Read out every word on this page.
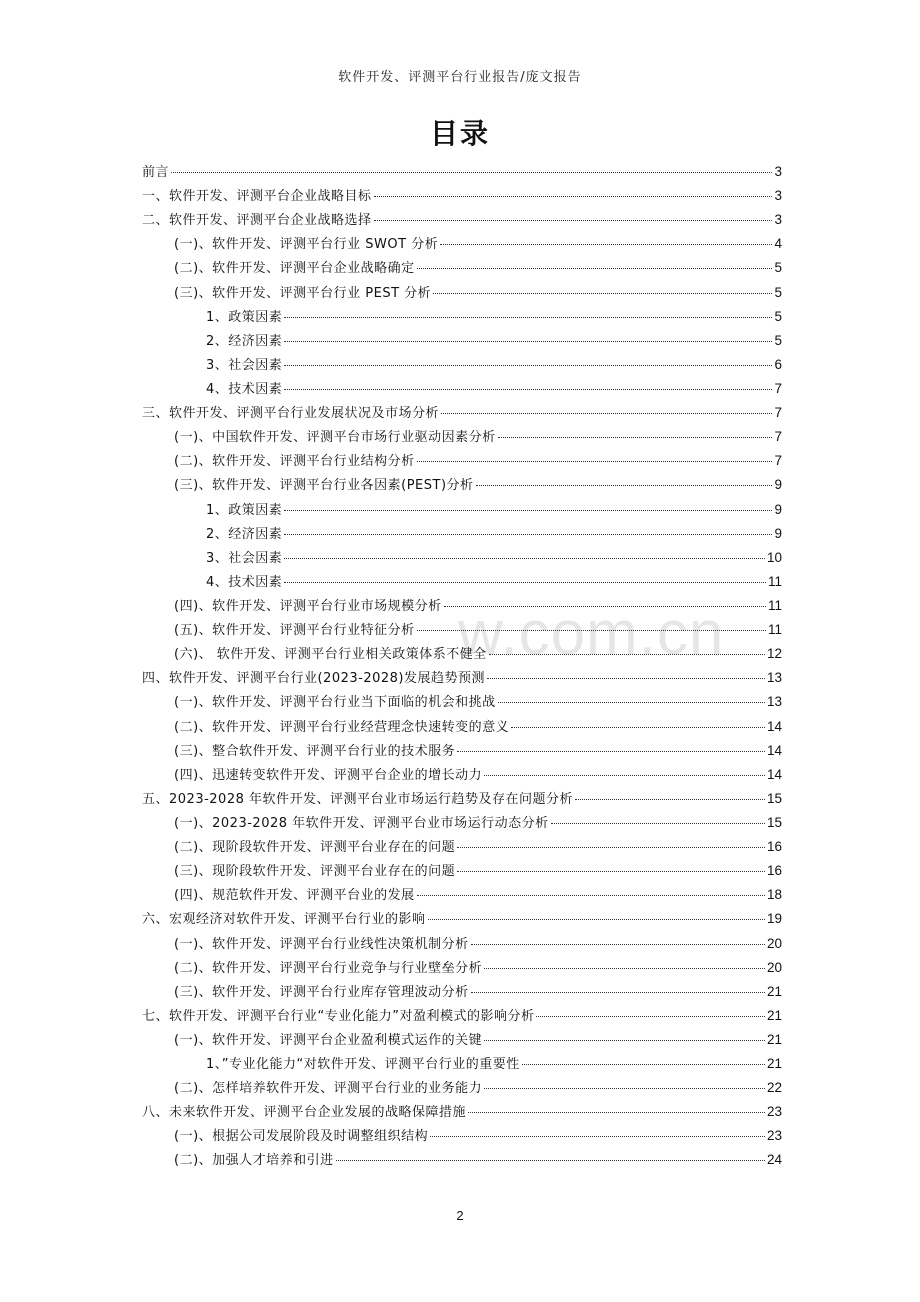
软件开发、评测平台行业报告/庞文报告
目录
w.com.cn
前言	3
一、软件开发、评测平台企业战略目标	3
二、软件开发、评测平台企业战略选择	3
(一)、软件开发、评测平台行业 SWOT 分析	4
(二)、软件开发、评测平台企业战略确定	5
(三)、软件开发、评测平台行业 PEST 分析	5
1、政策因素	5
2、经济因素	5
3、社会因素	6
4、技术因素	7
三、软件开发、评测平台行业发展状况及市场分析	7
(一)、中国软件开发、评测平台市场行业驱动因素分析	7
(二)、软件开发、评测平台行业结构分析	7
(三)、软件开发、评测平台行业各因素(PEST)分析	9
1、政策因素	9
2、经济因素	9
3、社会因素	10
4、技术因素	11
(四)、软件开发、评测平台行业市场规模分析	11
(五)、软件开发、评测平台行业特征分析	11
(六)、 软件开发、评测平台行业相关政策体系不健全	12
四、软件开发、评测平台行业(2023-2028)发展趋势预测	13
(一)、软件开发、评测平台行业当下面临的机会和挑战	13
(二)、软件开发、评测平台行业经营理念快速转变的意义	14
(三)、整合软件开发、评测平台行业的技术服务	14
(四)、迅速转变软件开发、评测平台企业的增长动力	14
五、2023-2028 年软件开发、评测平台业市场运行趋势及存在问题分析	15
(一)、2023-2028 年软件开发、评测平台业市场运行动态分析	15
(二)、现阶段软件开发、评测平台业存在的问题	16
(三)、现阶段软件开发、评测平台业存在的问题	16
(四)、规范软件开发、评测平台业的发展	18
六、宏观经济对软件开发、评测平台行业的影响	19
(一)、软件开发、评测平台行业线性决策机制分析	20
(二)、软件开发、评测平台行业竞争与行业壁垒分析	20
(三)、软件开发、评测平台行业库存管理波动分析	21
七、软件开发、评测平台行业“专业化能力”对盈利模式的影响分析	21
(一)、软件开发、评测平台企业盈利模式运作的关键	21
1、”专业化能力“对软件开发、评测平台行业的重要性	21
(二)、怎样培养软件开发、评测平台行业的业务能力	22
八、未来软件开发、评测平台企业发展的战略保障措施	23
(一)、根据公司发展阶段及时调整组织结构	23
(二)、加强人才培养和引进	24
2
